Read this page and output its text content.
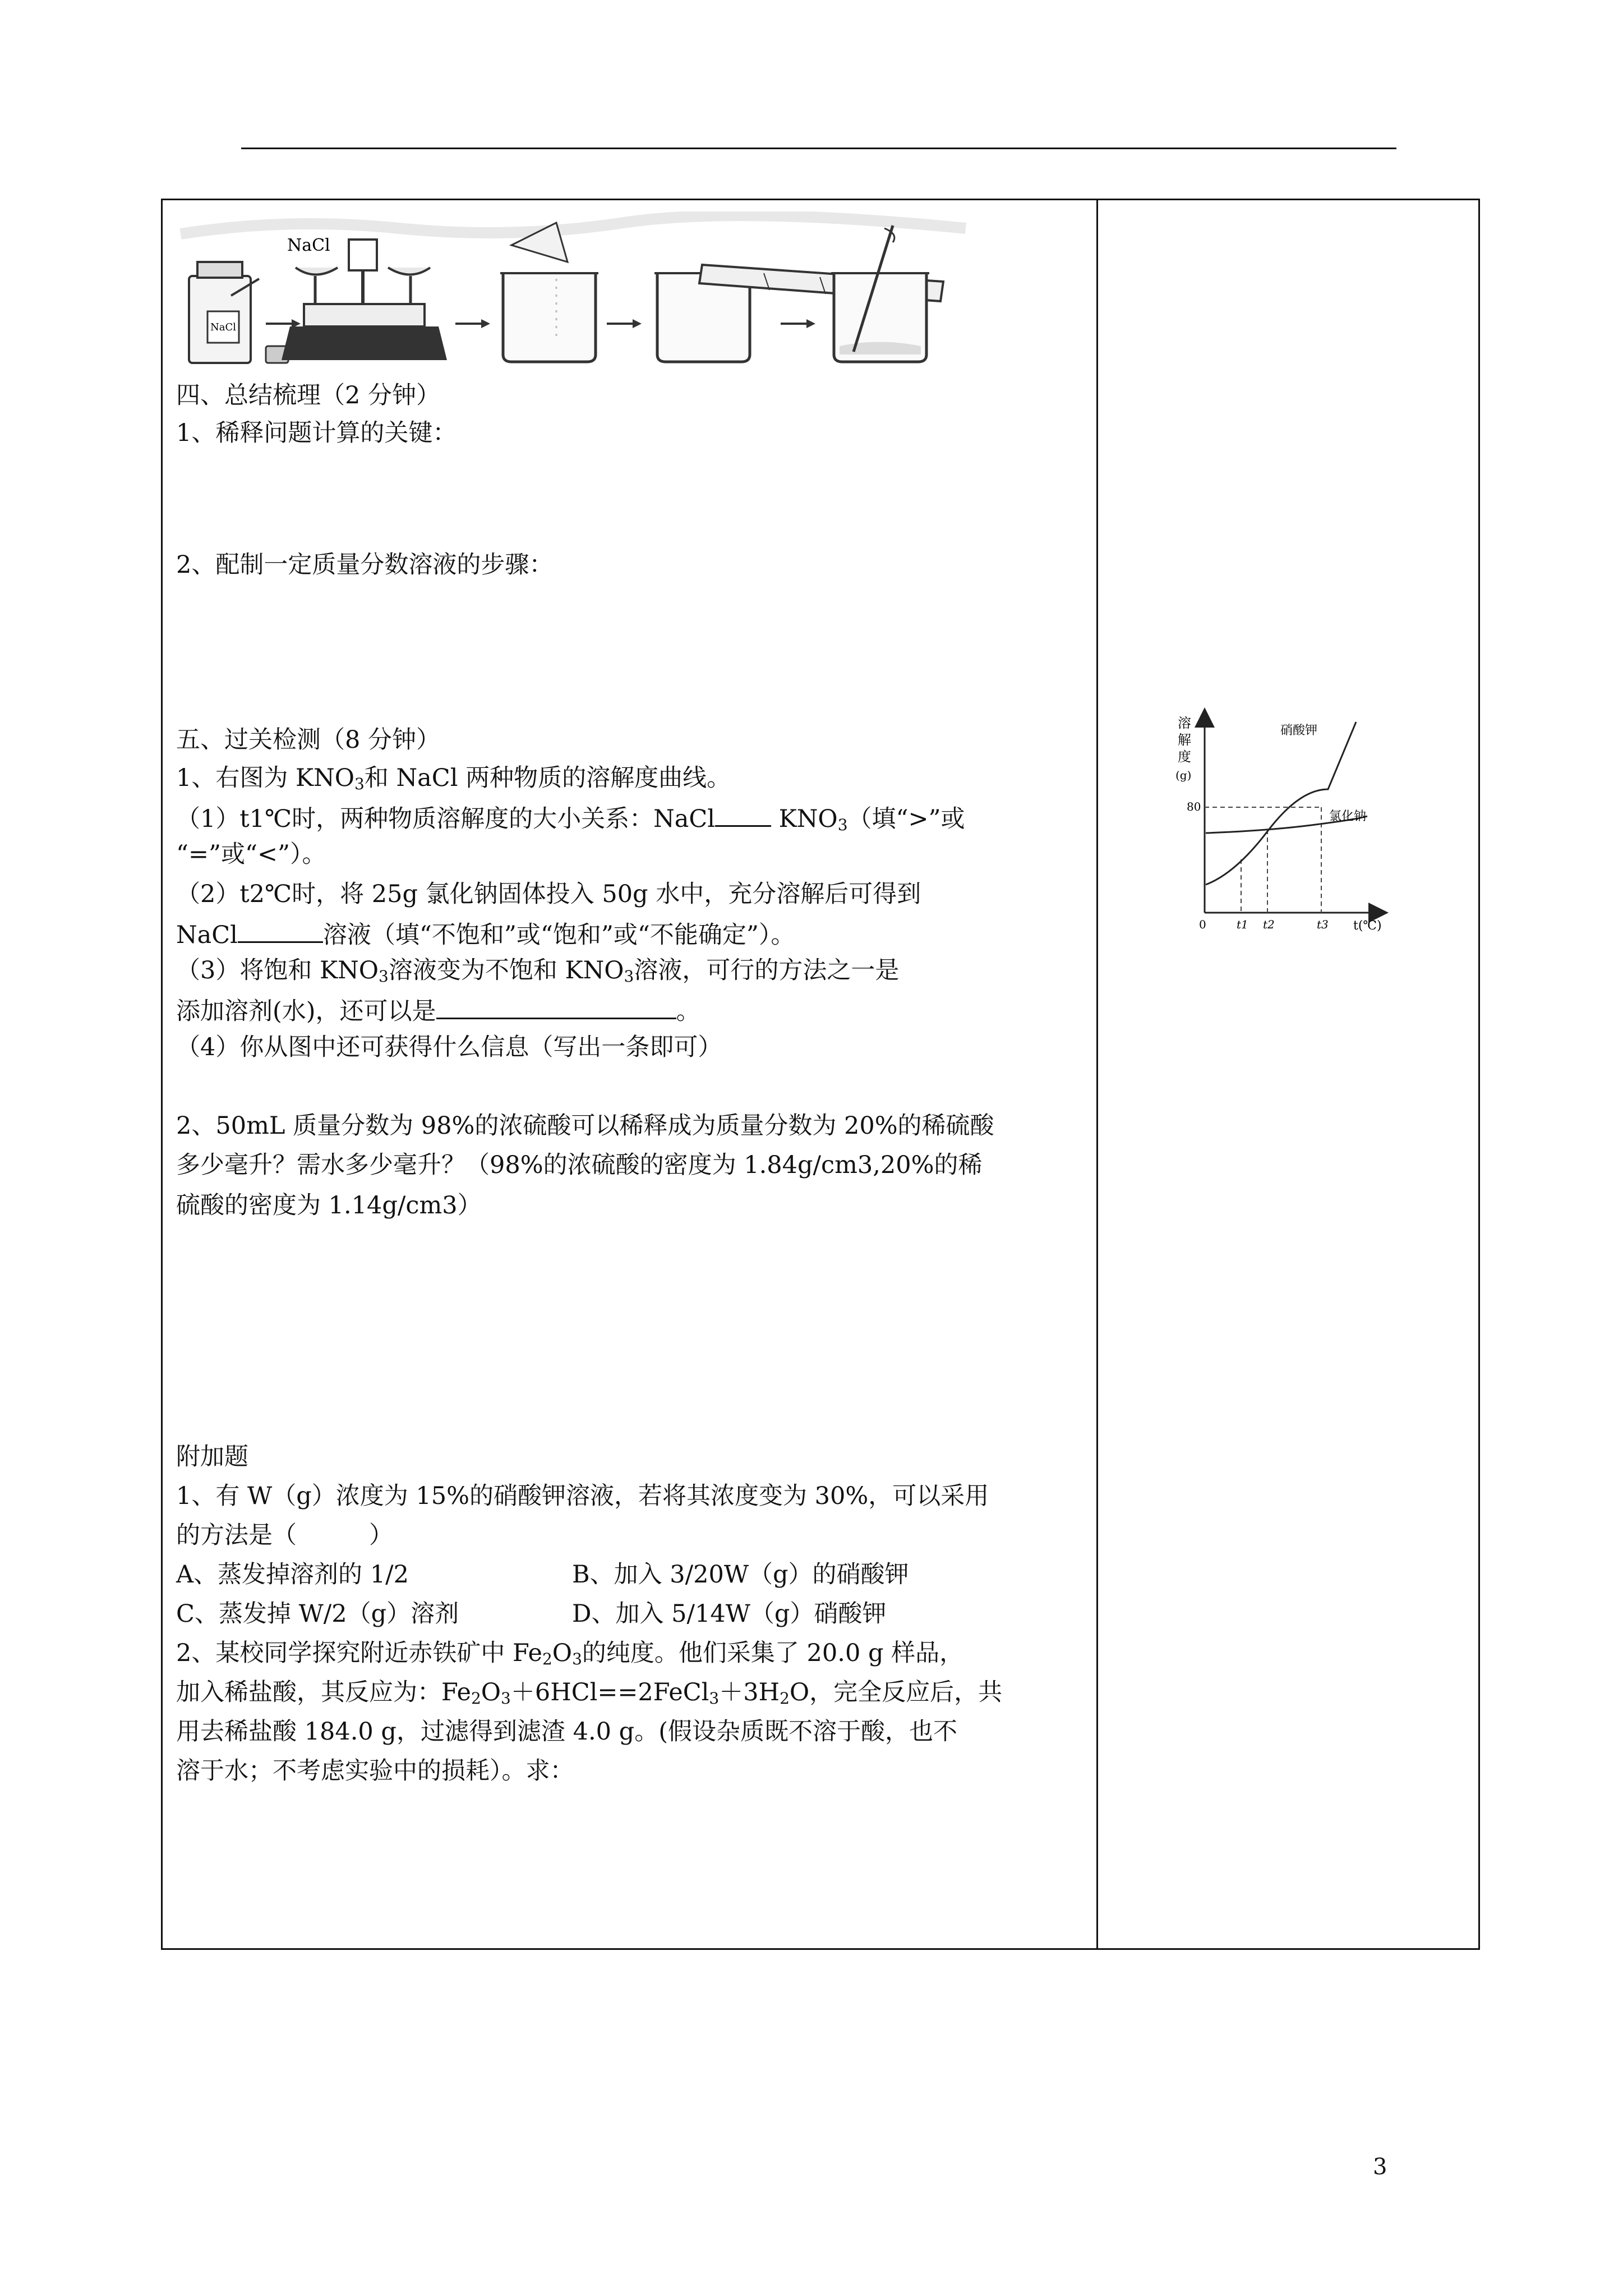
NaCl
NaCl
四、总结梳理（2 分钟）
1、稀释问题计算的关键：
2、配制一定质量分数溶液的步骤：
五、过关检测（8 分钟）
1、右图为 $KNO_3$和 NaCl 两种物质的溶解度曲线。
（1）t1℃时，两种物质溶解度的大小关系：NaCl $KNO_3$（填“>”或
“=”或“<”）。
（2）t2℃时，将 25g 氯化钠固体投入 50g 水中，充分溶解后可得到
NaCl	溶液（填“不饱和”或“饱和”或“不能确定”）。
（3）将饱和 $KNO_3$溶液变为不饱和 $KNO_3$溶液，可行的方法之一是
添加溶剂(水)，还可以是	。
（4）你从图中还可获得什么信息（写出一条即可）
2、50mL 质量分数为 98%的浓硫酸可以稀释成为质量分数为 20%的稀硫酸
多少毫升？需水多少毫升？（98%的浓硫酸的密度为 1.84g/cm3,20%的稀
硫酸的密度为 1.14g/cm3）
附加题
1、有 W（g）浓度为 15%的硝酸钾溶液，若将其浓度变为 30%，可以采用
的方法是（　　　）
A、蒸发掉溶剂的 1/2	B、加入 3/20W（g）的硝酸钾
C、蒸发掉 W/2（g）溶剂	D、加入 5/14W（g）硝酸钾
2、某校同学探究附近赤铁矿中 $Fe_2O_3$的纯度。他们采集了 20.0 g 样品，
加入稀盐酸，其反应为：$Fe_2O_3+6HCl==2FeCl_3+3H_2O$，完全反应后，共
用去稀盐酸 184.0 g，过滤得到滤渣 4.0 g。(假设杂质既不溶于酸，也不
溶于水；不考虑实验中的损耗）。求：
溶 解 度 (g)
硝酸钾
氯化钠
80
0	t1 t2	t3 t(℃)
3
